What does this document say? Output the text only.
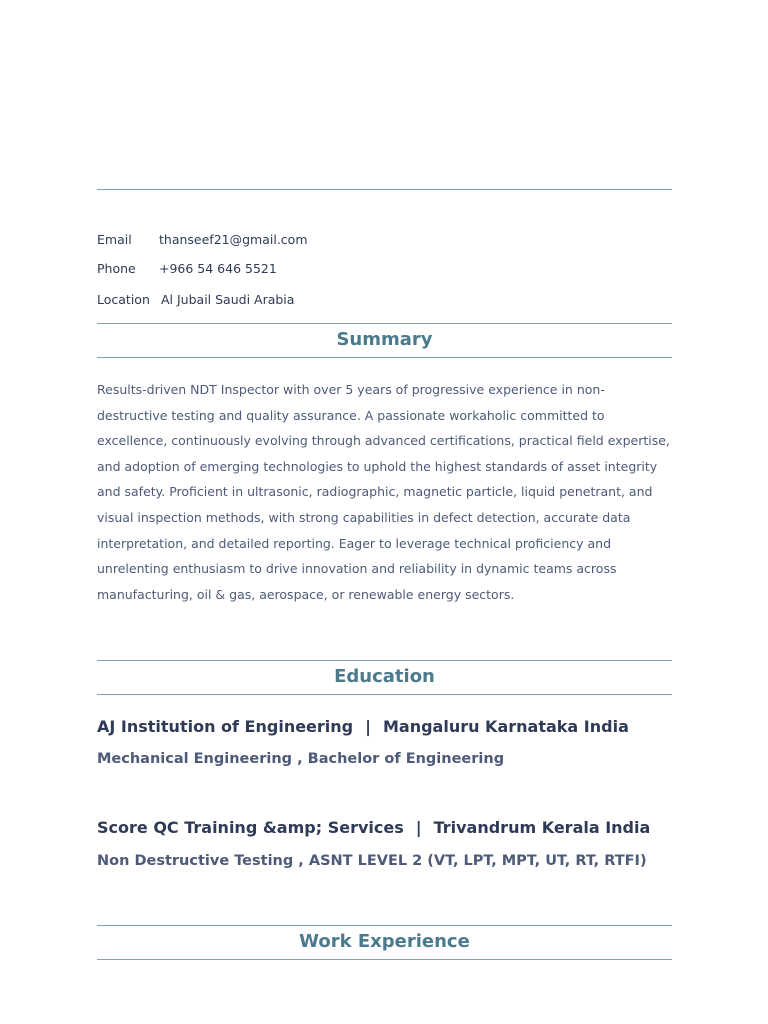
Email thanseef21@gmail.com
Phone +966 54 646 5521
Location Al Jubail Saudi Arabia
Summary
Results-driven NDT Inspector with over 5 years of progressive experience in non-destructive testing and quality assurance. A passionate workaholic committed to excellence, continuously evolving through advanced certifications, practical field expertise, and adoption of emerging technologies to uphold the highest standards of asset integrity and safety. Proficient in ultrasonic, radiographic, magnetic particle, liquid penetrant, and visual inspection methods, with strong capabilities in defect detection, accurate data interpretation, and detailed reporting. Eager to leverage technical proficiency and unrelenting enthusiasm to drive innovation and reliability in dynamic teams across manufacturing, oil & gas, aerospace, or renewable energy sectors.
Education
AJ Institution of Engineering | Mangaluru Karnataka India
Mechanical Engineering , Bachelor of Engineering
Score QC Training &amp; Services | Trivandrum Kerala India
Non Destructive Testing , ASNT LEVEL 2 (VT, LPT, MPT, UT, RT, RTFI)
Work Experience
